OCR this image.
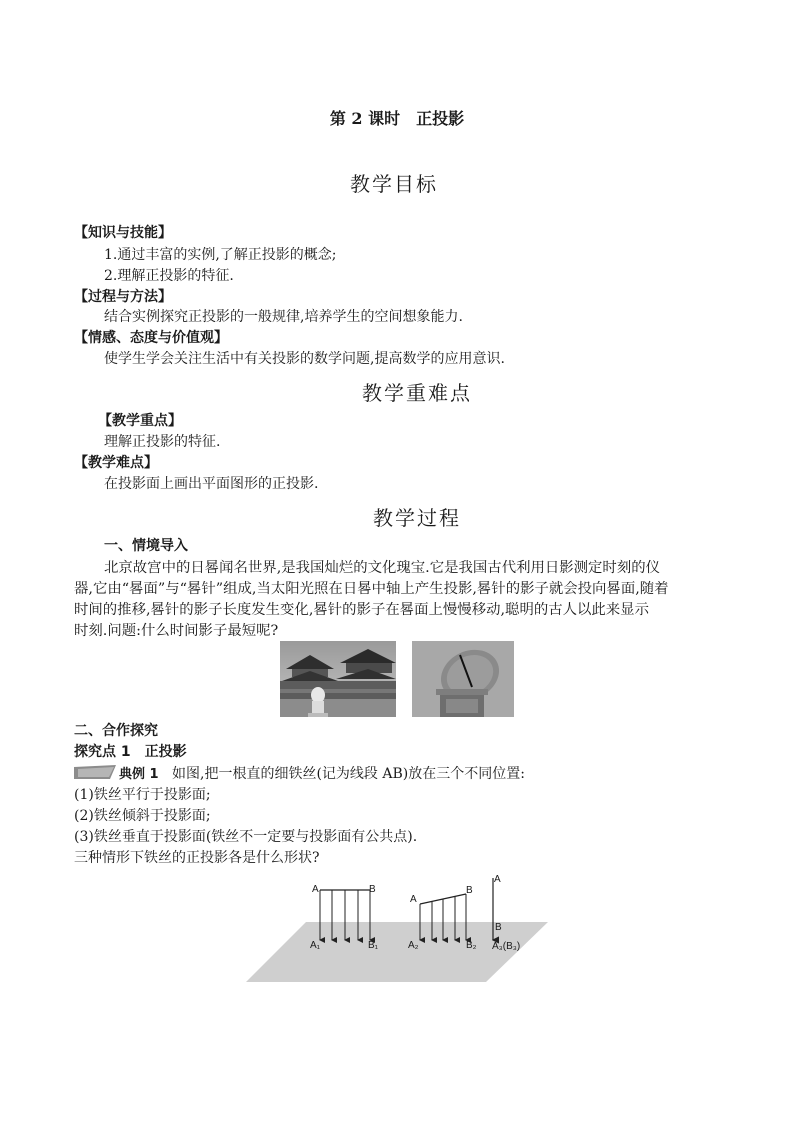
第 2 课时　正投影
教学目标
【知识与技能】
1.通过丰富的实例,了解正投影的概念;
2.理解正投影的特征.
【过程与方法】
结合实例探究正投影的一般规律,培养学生的空间想象能力.
【情感、态度与价值观】
使学生学会关注生活中有关投影的数学问题,提高数学的应用意识.
教学重难点
【教学重点】
理解正投影的特征.
【教学难点】
在投影面上画出平面图形的正投影.
教学过程
一、情境导入
北京故宫中的日晷闻名世界,是我国灿烂的文化瑰宝.它是我国古代利用日影测定时刻的仪
器,它由“晷面”与“晷针”组成,当太阳光照在日晷中轴上产生投影,晷针的影子就会投向晷面,随着
时间的推移,晷针的影子长度发生变化,晷针的影子在晷面上慢慢移动,聪明的古人以此来显示
时刻.问题:什么时间影子最短呢?
二、合作探究
探究点 1　正投影
典例 1 如图,把一根直的细铁丝(记为线段 AB)放在三个不同位置:
(1)铁丝平行于投影面;
(2)铁丝倾斜于投影面;
(3)铁丝垂直于投影面(铁丝不一定要与投影面有公共点).
三种情形下铁丝的正投影各是什么形状?
A	B
A₁	B₁
A
B
A₂	B₂
A
B
A₃(B₃)
